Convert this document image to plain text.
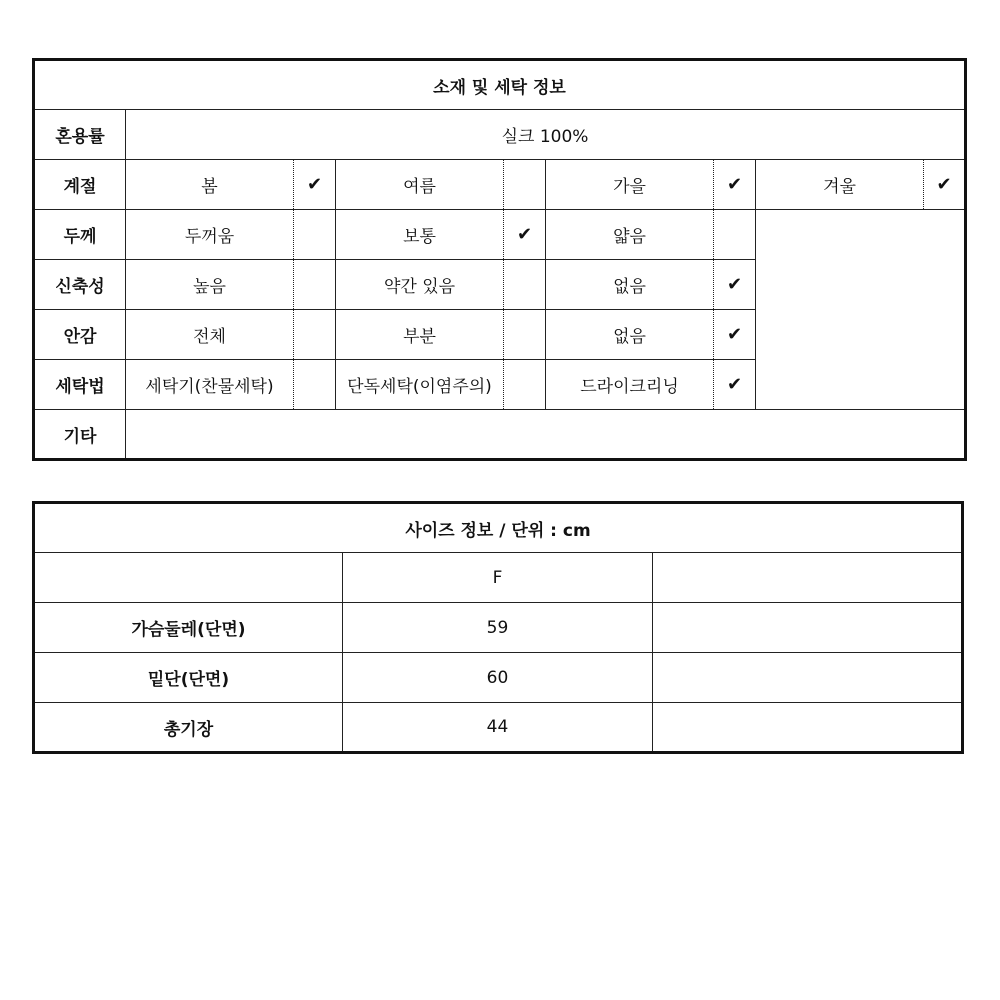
소재 및 세탁 정보								
혼용률	실크 100%							
계절	봄	✔	여름		가을	✔	겨울	✔
두께	두꺼움		보통	✔	얇음			
신축성	높음		약간 있음		없음	✔		
안감	전체		부분		없음	✔		
세탁법	세탁기(찬물세탁)		단독세탁(이염주의)		드라이크리닝	✔		
기타								
사이즈 정보 / 단위 : cm		
	F	
가슴둘레(단면)	59	
밑단(단면)	60	
총기장	44	
